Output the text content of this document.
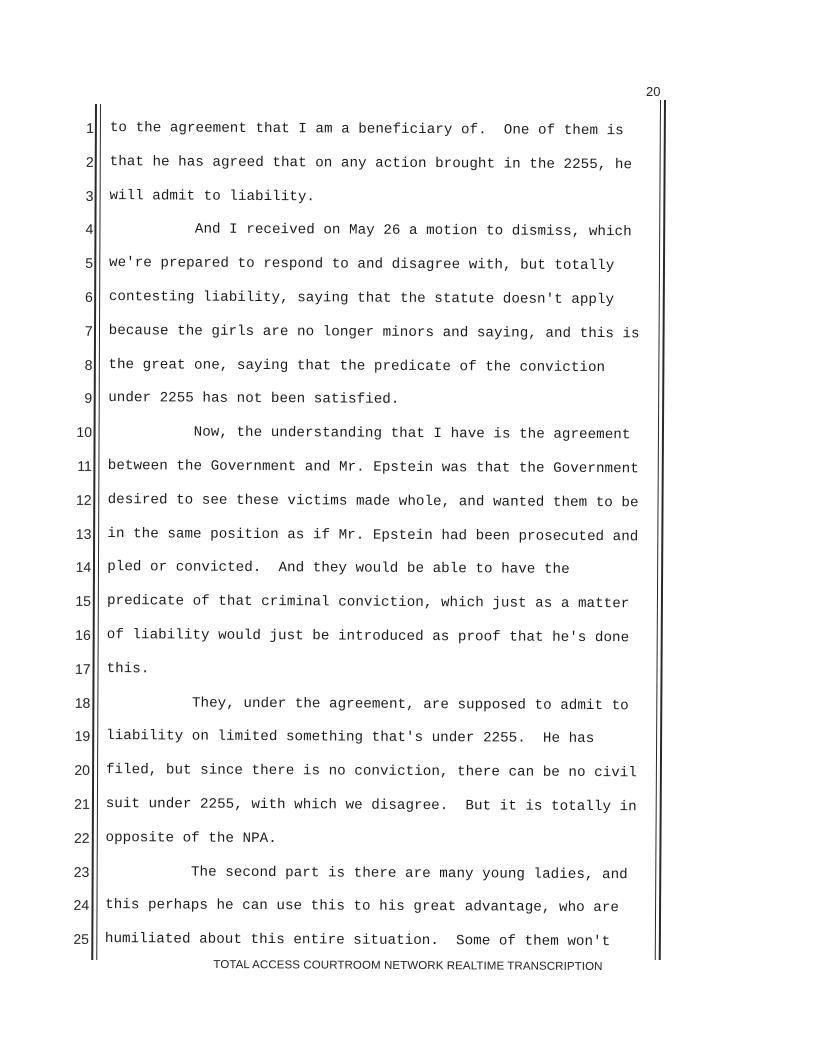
20
1 to the agreement that I am a beneficiary of.  One of them is
2 that he has agreed that on any action brought in the 2255, he
3 will admit to liability.
4 And I received on May 26 a motion to dismiss, which
5 we're prepared to respond to and disagree with, but totally
6 contesting liability, saying that the statute doesn't apply
7 because the girls are no longer minors and saying, and this is
8 the great one, saying that the predicate of the conviction
9 under 2255 has not been satisfied.
10 Now, the understanding that I have is the agreement
11 between the Government and Mr. Epstein was that the Government
12 desired to see these victims made whole, and wanted them to be
13 in the same position as if Mr. Epstein had been prosecuted and
14 pled or convicted.  And they would be able to have the
15 predicate of that criminal conviction, which just as a matter
16 of liability would just be introduced as proof that he's done
17 this.
18 They, under the agreement, are supposed to admit to
19 liability on limited something that's under 2255.  He has
20 filed, but since there is no conviction, there can be no civil
21 suit under 2255, with which we disagree.  But it is totally in
22 opposite of the NPA.
23 The second part is there are many young ladies, and
24 this perhaps he can use this to his great advantage, who are
25 humiliated about this entire situation.  Some of them won't
TOTAL ACCESS COURTROOM NETWORK REALTIME TRANSCRIPTION
